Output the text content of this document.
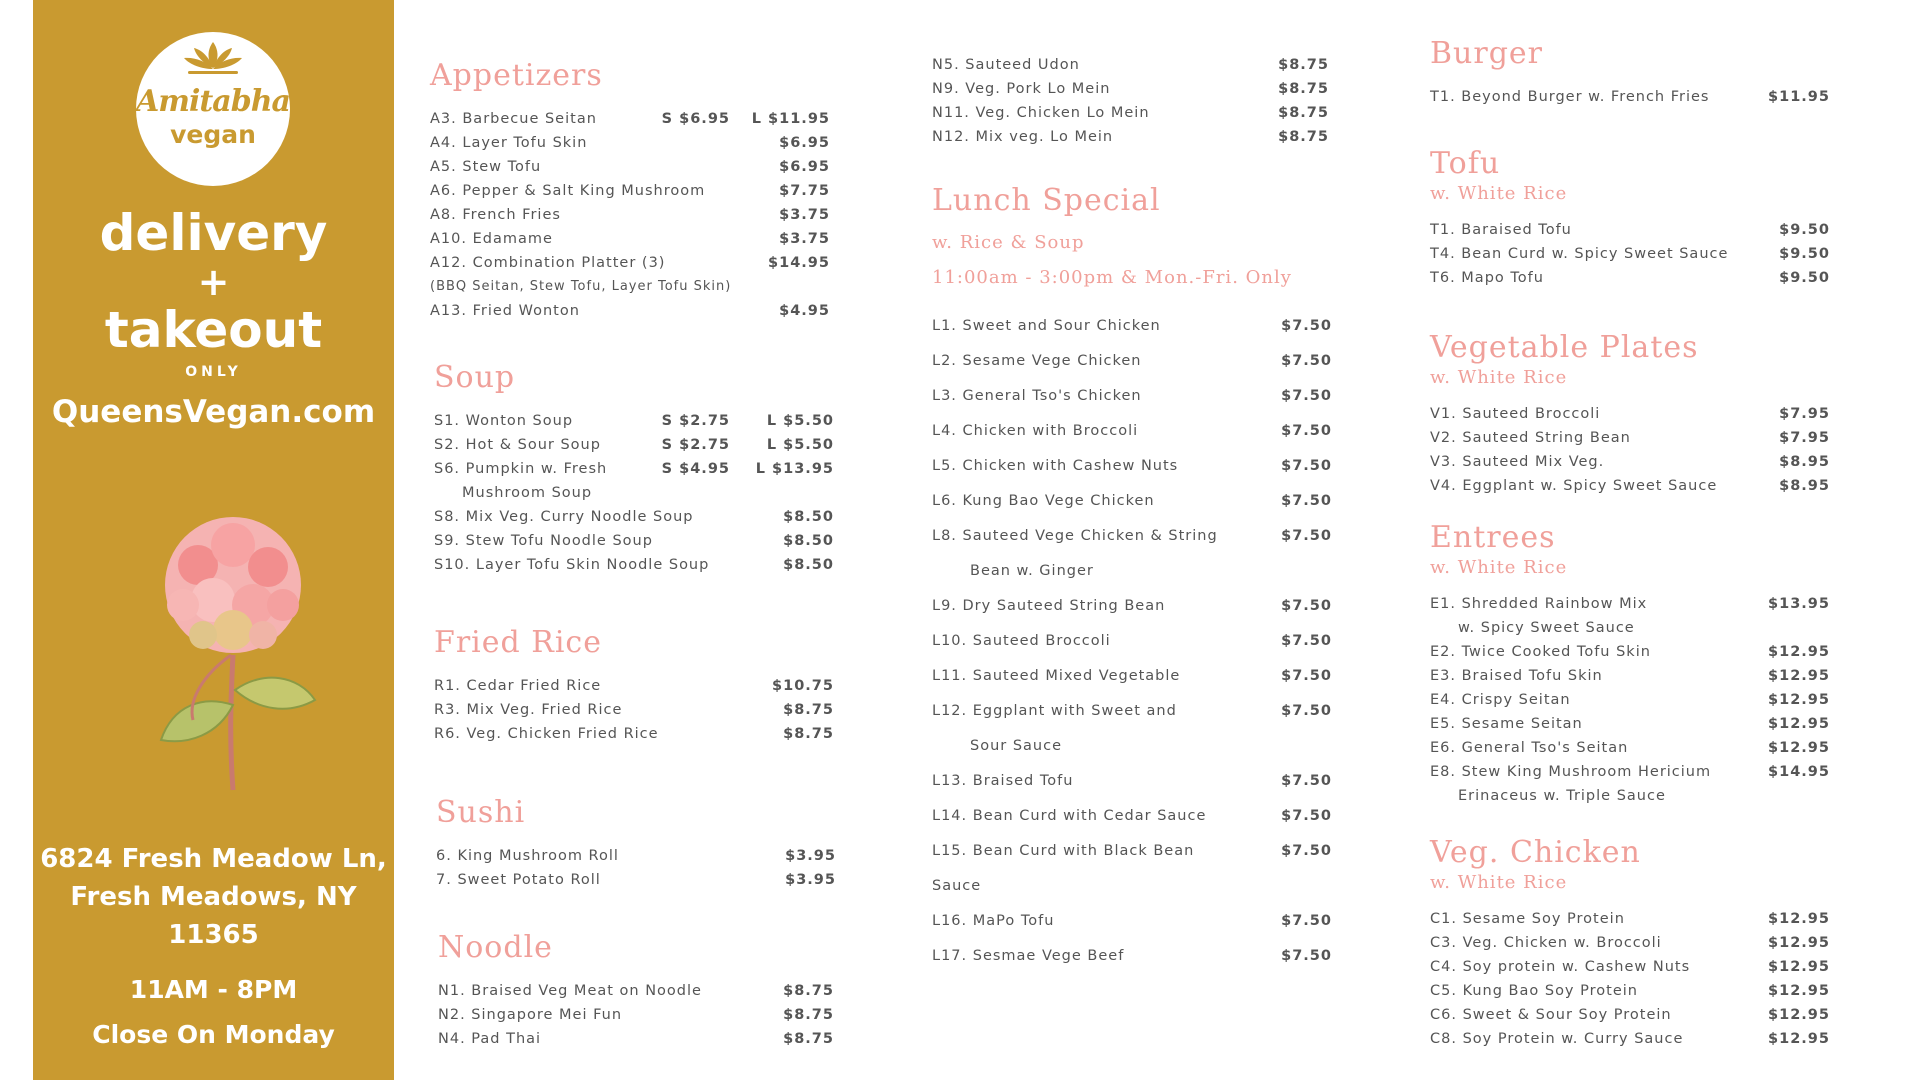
Amitabha
vegan
delivery
+
takeout
ONLY
QueensVegan.com
6824 Fresh Meadow Ln,
Fresh Meadows, NY
11365
11AM - 8PM
Close On Monday
Appetizers
A3. Barbecue Seitan	S $6.95 L $11.95
A4. Layer Tofu Skin	$6.95
A5. Stew Tofu	$6.95
A6. Pepper & Salt King Mushroom	$7.75
A8. French Fries	$3.75
A10. Edamame	$3.75
A12. Combination Platter (3)	$14.95
(BBQ Seitan, Stew Tofu, Layer Tofu Skin)
A13. Fried Wonton	$4.95
Soup
S1. Wonton Soup	S $2.75	L $5.50
S2. Hot & Sour Soup	S $2.75	L $5.50
S6. Pumpkin w. Fresh	S $4.95 L $13.95
Mushroom Soup
S8. Mix Veg. Curry Noodle Soup	$8.50
S9. Stew Tofu Noodle Soup	$8.50
S10. Layer Tofu Skin Noodle Soup	$8.50
Fried Rice
R1. Cedar Fried Rice	$10.75
R3. Mix Veg. Fried Rice	$8.75
R6. Veg. Chicken Fried Rice	$8.75
Sushi
6. King Mushroom Roll	$3.95
7. Sweet Potato Roll	$3.95
Noodle
N1. Braised Veg Meat on Noodle	$8.75
N2. Singapore Mei Fun	$8.75
N4. Pad Thai	$8.75
N5. Sauteed Udon	$8.75
N9. Veg. Pork Lo Mein	$8.75
N11. Veg. Chicken Lo Mein	$8.75
N12. Mix veg. Lo Mein	$8.75
Lunch Special
w. Rice & Soup
11:00am - 3:00pm & Mon.-Fri. Only
L1. Sweet and Sour Chicken	$7.50
L2. Sesame Vege Chicken	$7.50
L3. General Tso's Chicken	$7.50
L4. Chicken with Broccoli	$7.50
L5. Chicken with Cashew Nuts	$7.50
L6. Kung Bao Vege Chicken	$7.50
L8. Sauteed Vege Chicken & String	$7.50
Bean w. Ginger
L9. Dry Sauteed String Bean	$7.50
L10. Sauteed Broccoli	$7.50
L11. Sauteed Mixed Vegetable	$7.50
L12. Eggplant with Sweet and	$7.50
Sour Sauce
L13. Braised Tofu	$7.50
L14. Bean Curd with Cedar Sauce	$7.50
L15. Bean Curd with Black Bean	$7.50
Sauce
L16. MaPo Tofu	$7.50
L17. Sesmae Vege Beef	$7.50
Burger
T1. Beyond Burger w. French Fries	$11.95
Tofu
w. White Rice
T1. Baraised Tofu	$9.50
T4. Bean Curd w. Spicy Sweet Sauce	$9.50
T6. Mapo Tofu	$9.50
Vegetable Plates
w. White Rice
V1. Sauteed Broccoli	$7.95
V2. Sauteed String Bean	$7.95
V3. Sauteed Mix Veg.	$8.95
V4. Eggplant w. Spicy Sweet Sauce	$8.95
Entrees
w. White Rice
E1. Shredded Rainbow Mix	$13.95
w. Spicy Sweet Sauce
E2. Twice Cooked Tofu Skin	$12.95
E3. Braised Tofu Skin	$12.95
E4. Crispy Seitan	$12.95
E5. Sesame Seitan	$12.95
E6. General Tso's Seitan	$12.95
E8. Stew King Mushroom Hericium	$14.95
Erinaceus w. Triple Sauce
Veg. Chicken
w. White Rice
C1. Sesame Soy Protein	$12.95
C3. Veg. Chicken w. Broccoli	$12.95
C4. Soy protein w. Cashew Nuts	$12.95
C5. Kung Bao Soy Protein	$12.95
C6. Sweet & Sour Soy Protein	$12.95
C8. Soy Protein w. Curry Sauce	$12.95
